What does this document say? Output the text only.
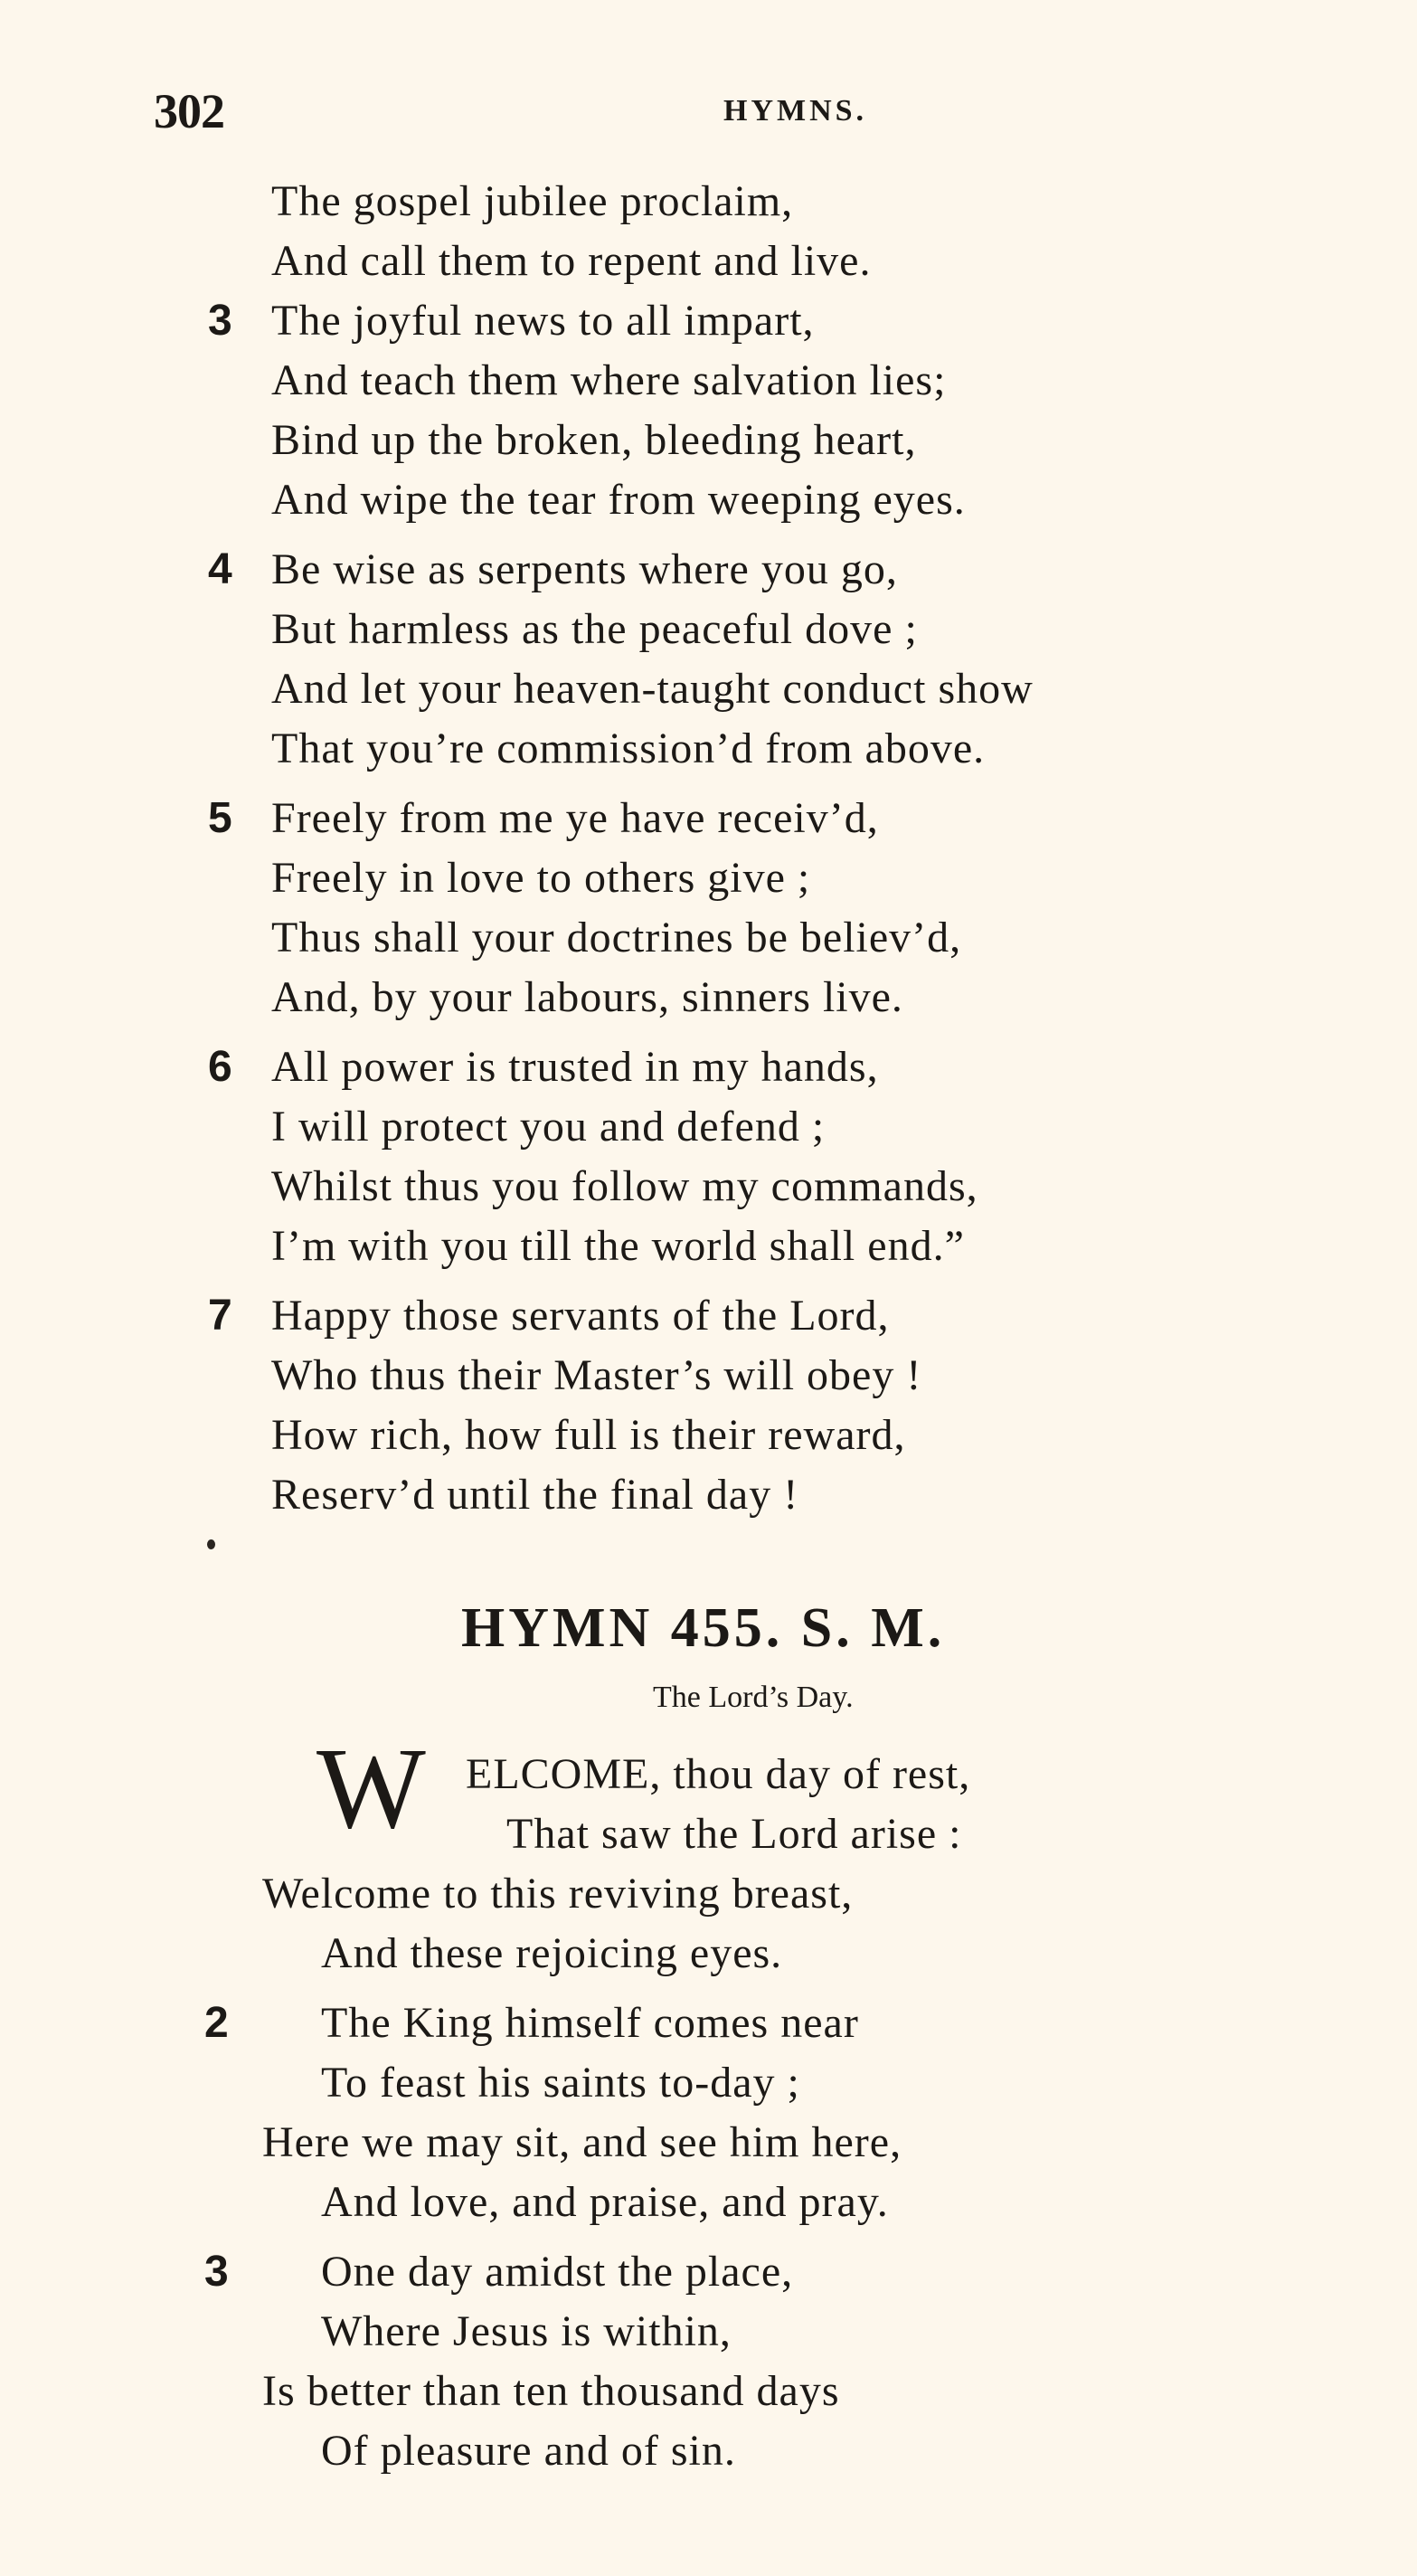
302	HYMNS.
The gospel jubilee proclaim,
And call them to repent and live.
3 The joyful news to all impart,
And teach them where salvation lies;
Bind up the broken, bleeding heart,
And wipe the tear from weeping eyes.
4 Be wise as serpents where you go,
But harmless as the peaceful dove ;
And let your heaven-taught conduct show
That you’re commission’d from above.
5 Freely from me ye have receiv’d,
Freely in love to others give ;
Thus shall your doctrines be believ’d,
And, by your labours, sinners live.
6 All power is trusted in my hands,
I will protect you and defend ;
Whilst thus you follow my commands,
I’m with you till the world shall end.”
7 Happy those servants of the Lord,
Who thus their Master’s will obey !
How rich, how full is their reward,
Reserv’d until the final day !
HYMN 455. S. M.
The Lord’s Day.
W ELCOME, thou day of rest,
That saw the Lord arise :
Welcome to this reviving breast,
And these rejoicing eyes.
2 The King himself comes near
To feast his saints to-day ;
Here we may sit, and see him here,
And love, and praise, and pray.
3 One day amidst the place,
Where Jesus is within,
Is better than ten thousand days
Of pleasure and of sin.
